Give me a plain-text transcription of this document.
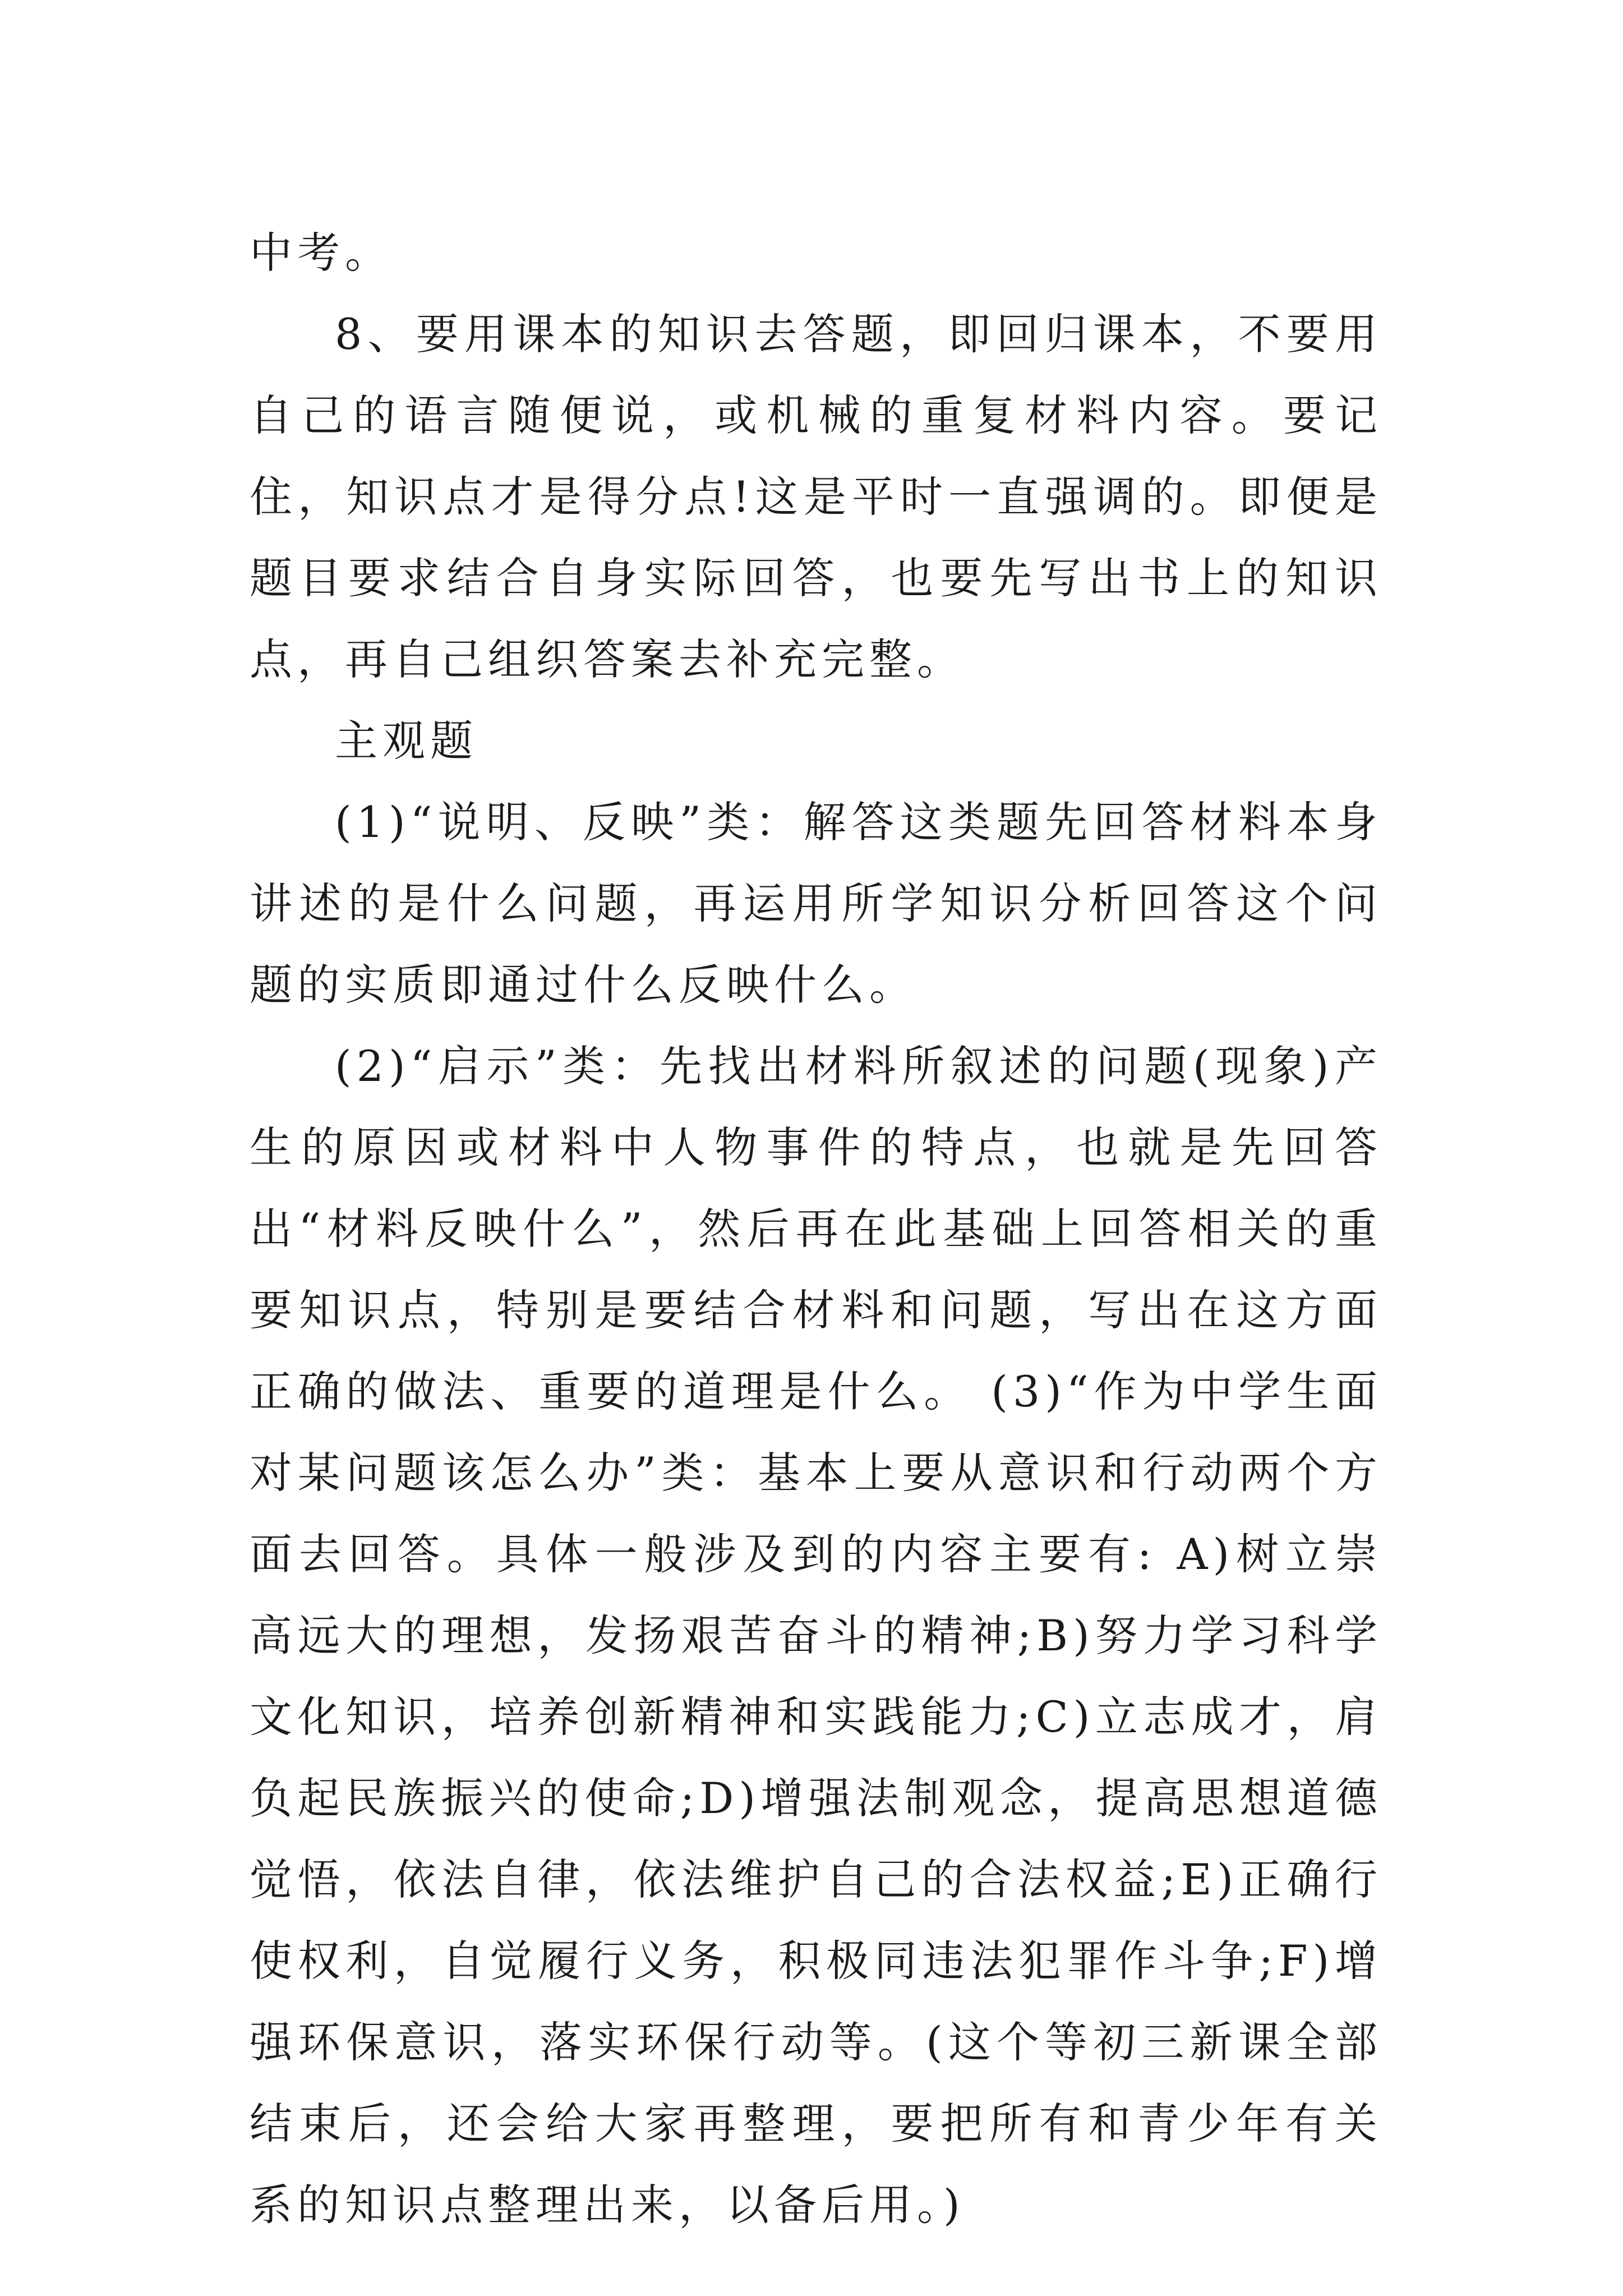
中考。

8、要用课本的知识去答题，即回归课本，不要用自己的语言随便说，或机械的重复材料内容。要记住，知识点才是得分点!这是平时一直强调的。即便是题目要求结合自身实际回答，也要先写出书上的知识点，再自己组织答案去补充完整。

主观题

(1)“说明、反映”类：解答这类题先回答材料本身讲述的是什么问题，再运用所学知识分析回答这个问题的实质即通过什么反映什么。

(2)“启示”类：先找出材料所叙述的问题(现象)产生的原因或材料中人物事件的特点，也就是先回答出“材料反映什么”，然后再在此基础上回答相关的重要知识点，特别是要结合材料和问题，写出在这方面正确的做法、重要的道理是什么。 (3)“作为中学生面对某问题该怎么办”类：基本上要从意识和行动两个方面去回答。具体一般涉及到的内容主要有: A)树立崇高远大的理想，发扬艰苦奋斗的精神;B)努力学习科学文化知识，培养创新精神和实践能力;C)立志成才，肩负起民族振兴的使命;D)增强法制观念，提高思想道德觉悟，依法自律，依法维护自己的合法权益;E)正确行使权利，自觉履行义务，积极同违法犯罪作斗争;F)增强环保意识，落实环保行动等。(这个等初三新课全部结束后，还会给大家再整理，要把所有和青少年有关系的知识点整理出来，以备后用。)
